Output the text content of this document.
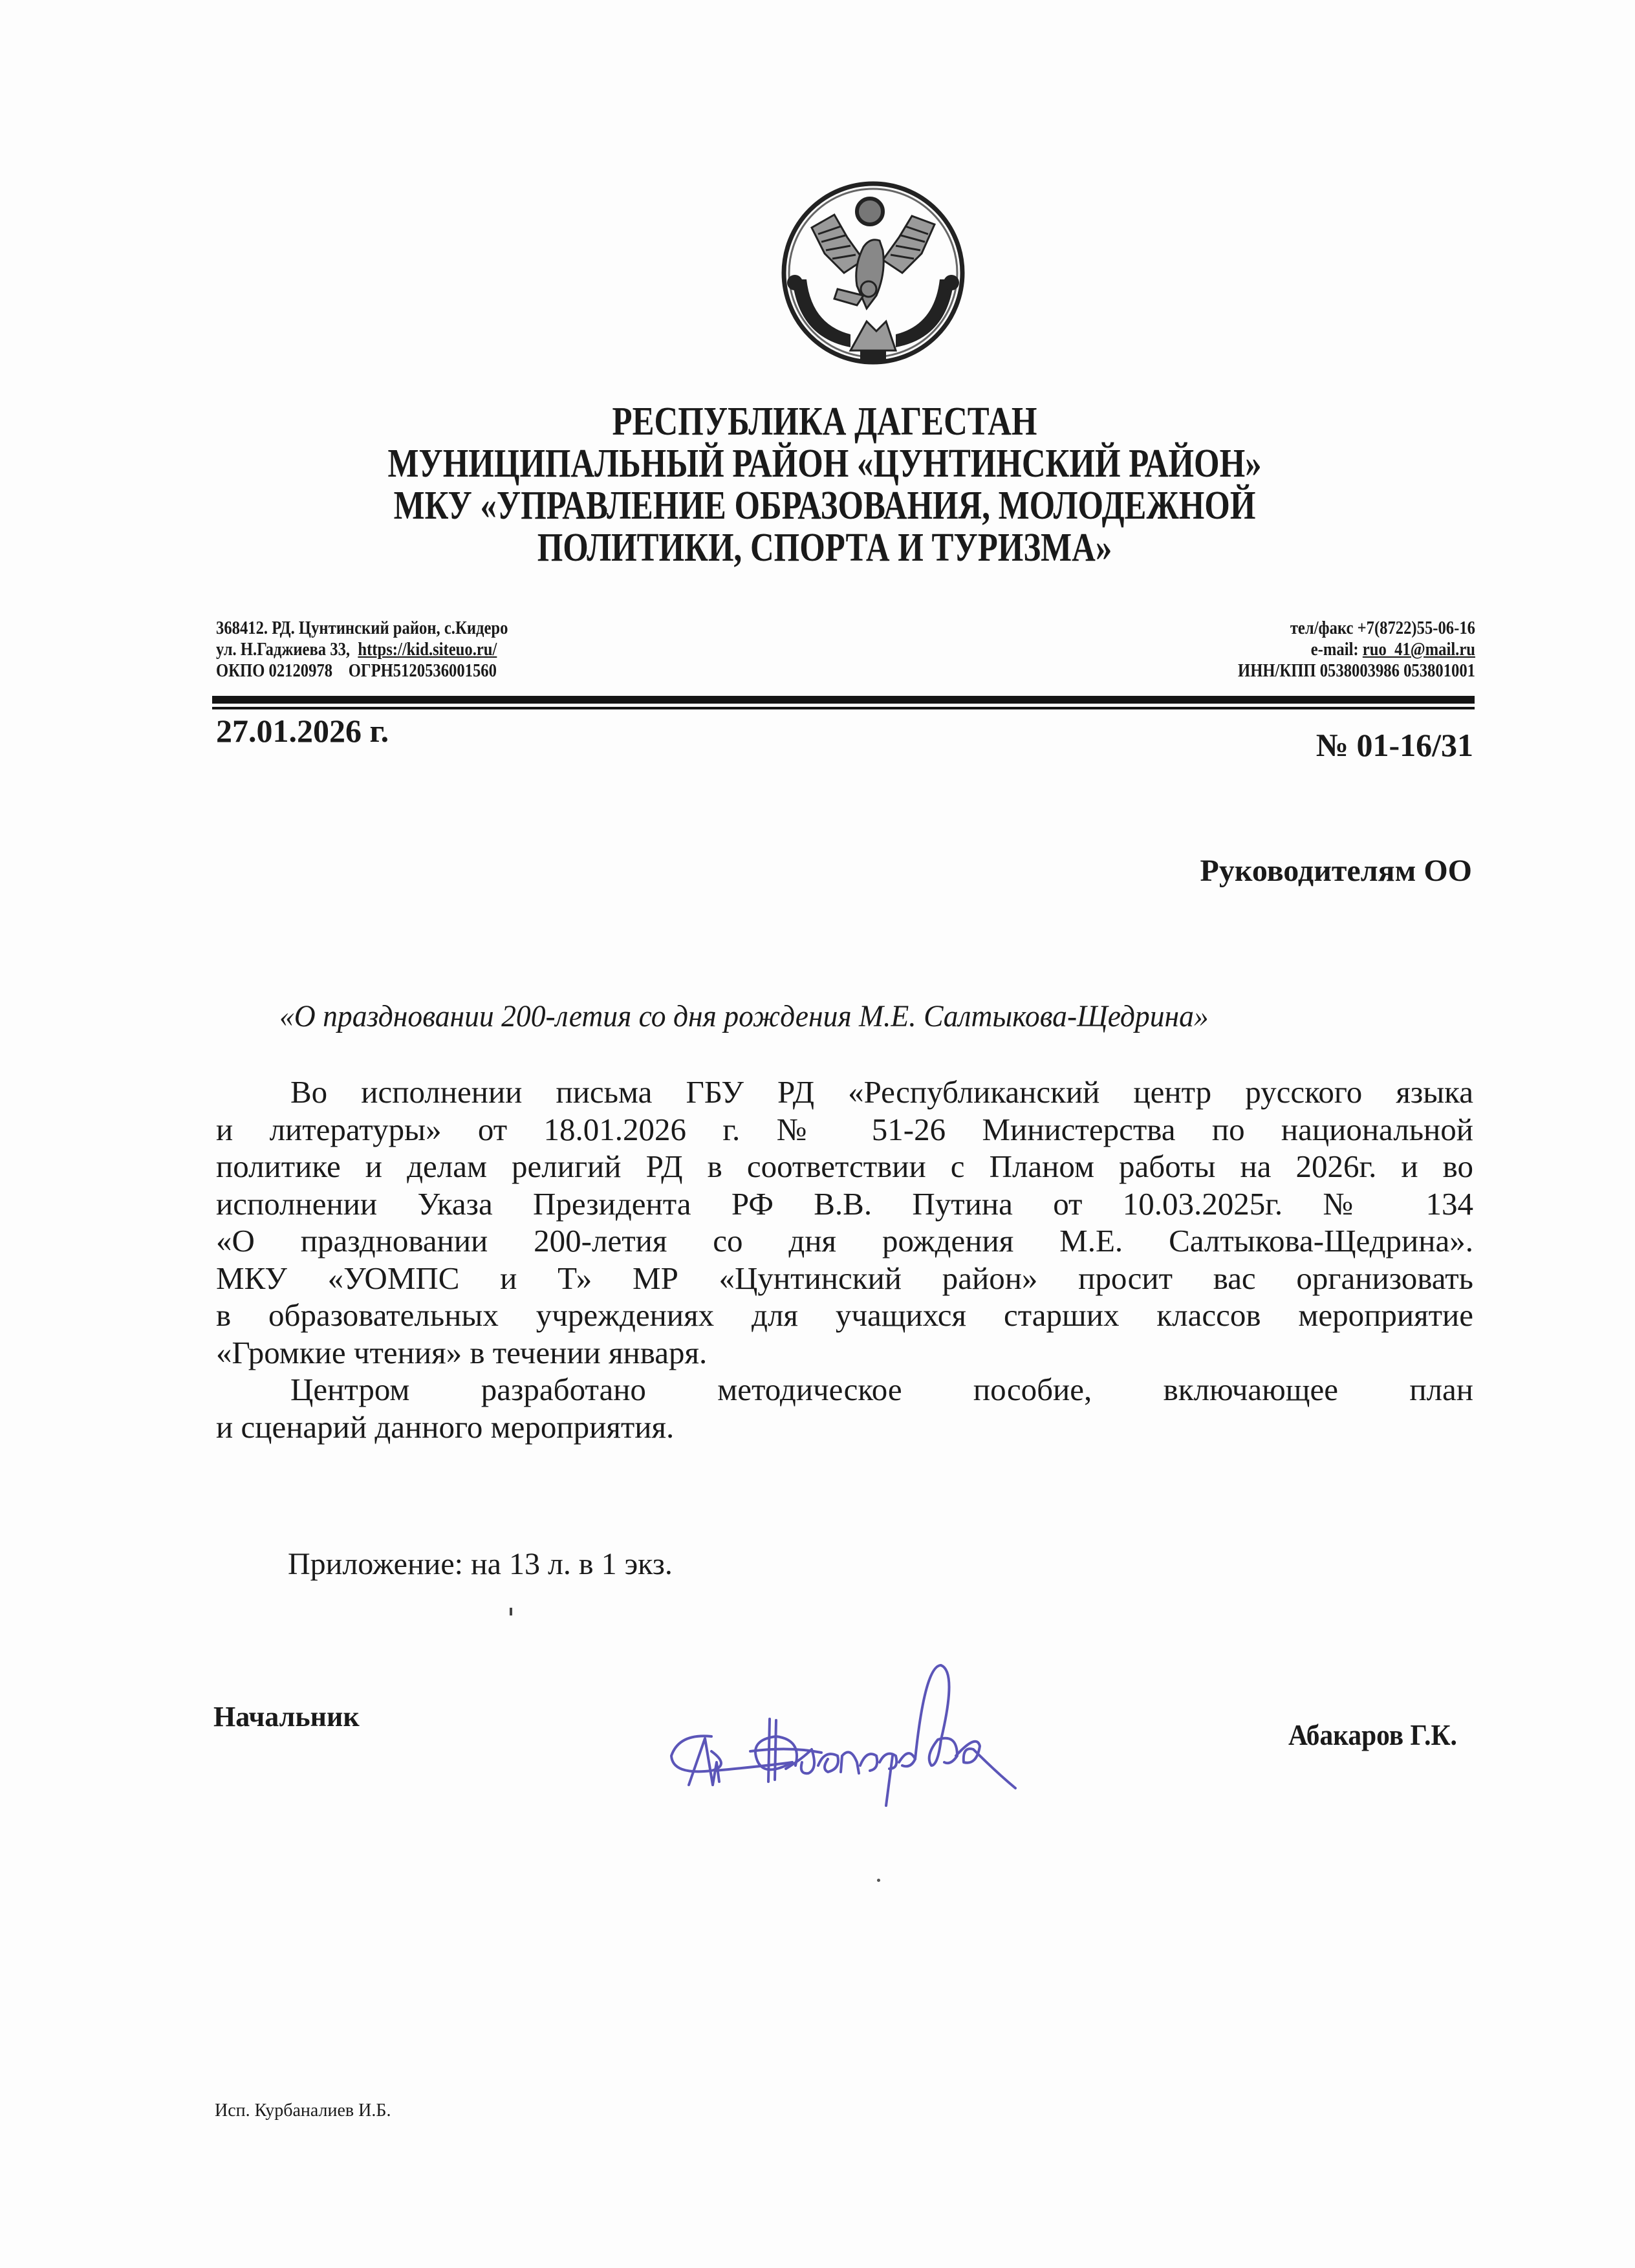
РЕСПУБЛИКА ДАГЕСТАН
МУНИЦИПАЛЬНЫЙ РАЙОН «ЦУНТИНСКИЙ РАЙОН»
МКУ «УПРАВЛЕНИЕ ОБРАЗОВАНИЯ, МОЛОДЕЖНОЙ
ПОЛИТИКИ, СПОРТА И ТУРИЗМА»
368412. РД. Цунтинский район, с.Кидеро
ул. Н.Гаджиева 33, https://kid.siteuo.ru/
ОКПО 02120978 ОГРН5120536001560
тел/факс +7(8722)55-06-16
e-mail: ruo_41@mail.ru
ИНН/КПП 0538003986 053801001
27.01.2026 г.	№ 01-16/31
Руководителям ОО
«О праздновании 200-летия со дня рождения М.Е. Салтыкова-Щедрина»
Во исполнении письма ГБУ РД «Республиканский центр русского языка
и литературы» от 18.01.2026 г. № 51-26 Министерства по национальной
политике и делам религий РД в соответствии с Планом работы на 2026г. и во
исполнении Указа Президента РФ В.В. Путина от 10.03.2025г. № 134
«О праздновании 200-летия со дня рождения М.Е. Салтыкова-Щедрина».
МКУ «УОМПС и Т» МР «Цунтинский район» просит вас организовать
в образовательных учреждениях для учащихся старших классов мероприятие
«Громкие чтения» в течении января.
Центром разработано методическое пособие, включающее план
и сценарий данного мероприятия.
Приложение: на 13 л. в 1 экз.
Начальник
Абакаров Г.К.
Исп. Курбаналиев И.Б.
